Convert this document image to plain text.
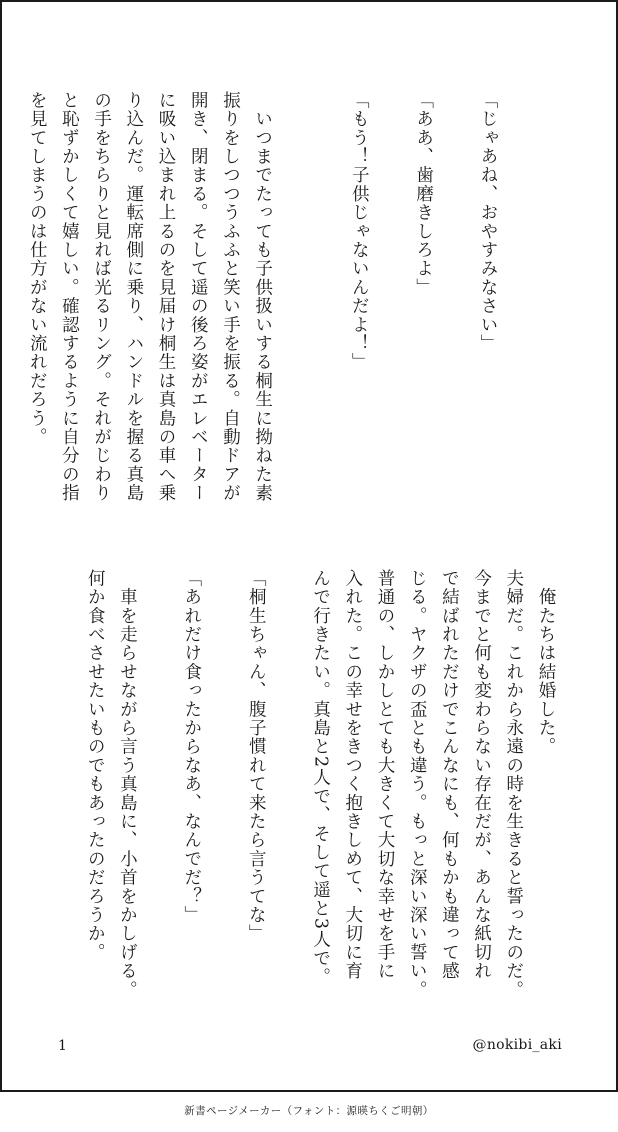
「じゃあね、おやすみなさい」

「ああ、歯磨きしろよ」

「もう！子供じゃないんだよ！」

　いつまでたっても子供扱いする桐生に拗ねた素
振りをしつつうふふと笑い手を振る。自動ドアが
開き、閉まる。そして遥の後ろ姿がエレベーター
に吸い込まれ上るのを見届け桐生は真島の車へ乗
り込んだ。運転席側に乗り、ハンドルを握る真島
の手をちらりと見れば光るリング。それがじわり
と恥ずかしくて嬉しい。確認するように自分の指
を見てしまうのは仕方がない流れだろう。
　俺たちは結婚した。
夫婦だ。これから永遠の時を生きると誓ったのだ。
今までと何も変わらない存在だが、あんな紙切れ
で結ばれただけでこんなにも、何もかも違って感
じる。ヤクザの盃とも違う。もっと深い深い誓い。
普通の、しかしとても大きくて大切な幸せを手に
入れた。この幸せをきつく抱きしめて、大切に育
んで行きたい。真島と2人で、そして遥と3人で。

「桐生ちゃん、腹子慣れて来たら言うてな」

「あれだけ食ったからなあ、なんでだ？」

　車を走らせながら言う真島に、小首をかしげる。
何か食べさせたいものでもあったのだろうか。
1	@nokibi_aki
新書ページメーカー（フォント：源暎ちくご明朝）
